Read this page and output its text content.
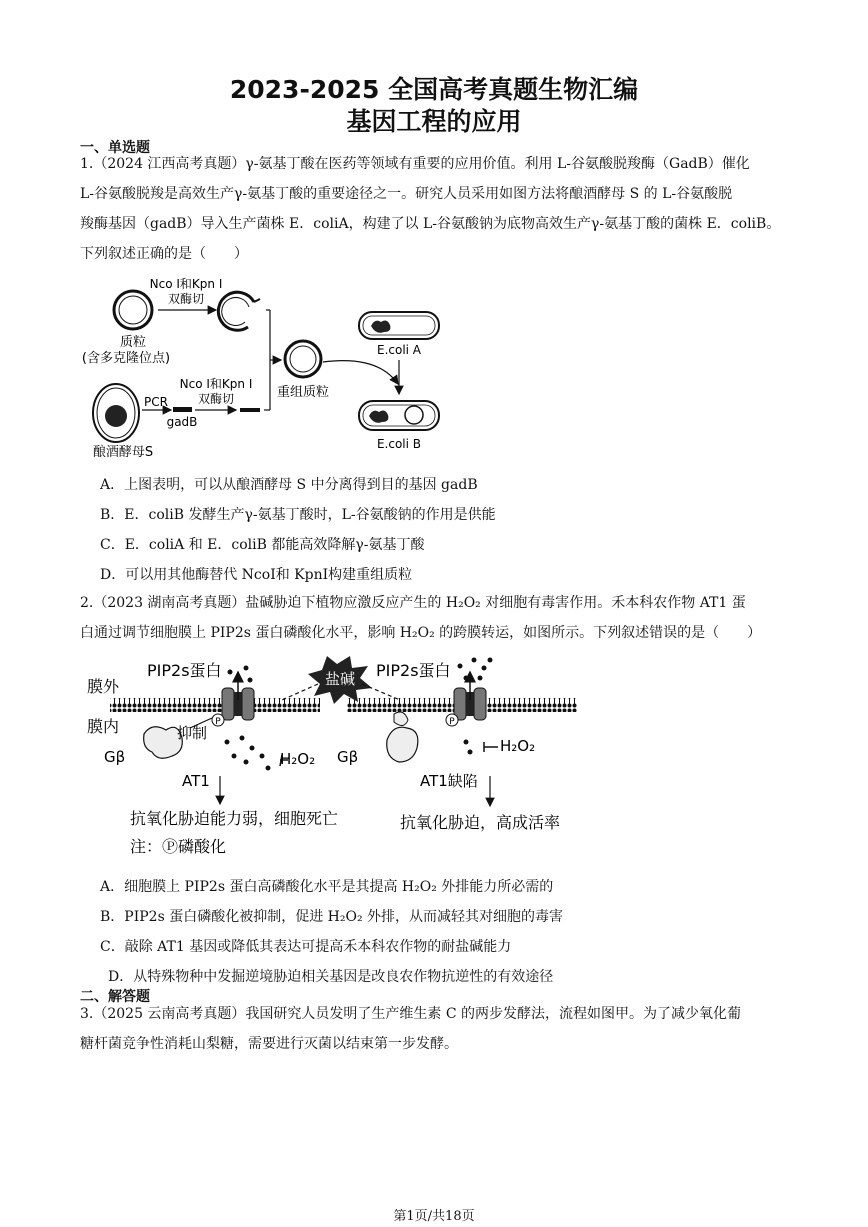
2023-2025 全国高考真题生物汇编
基因工程的应用
一、单选题
1.（2024 江西高考真题）γ-氨基丁酸在医药等领域有重要的应用价值。利用 L-谷氨酸脱羧酶（GadB）催化
L-谷氨酸脱羧是高效生产γ-氨基丁酸的重要途径之一。研究人员采用如图方法将酿酒酵母 S 的 L-谷氨酸脱
羧酶基因（gadB）导入生产菌株 E．coliA，构建了以 L-谷氨酸钠为底物高效生产γ-氨基丁酸的菌株 E．coliB。
下列叙述正确的是（　　）
Nco Ⅰ和Kpn Ⅰ
双酶切
质粒
(含多克隆位点)
酿酒酵母S
PCR
gadB
Nco Ⅰ和Kpn Ⅰ
双酶切	重组质粒
E.coli A
E.coli B
A．上图表明，可以从酿酒酵母 S 中分离得到目的基因 gadB
B．E．coliB 发酵生产γ-氨基丁酸时，L-谷氨酸钠的作用是供能
C．E．coliA 和 E．coliB 都能高效降解γ-氨基丁酸
D．可以用其他酶替代 NcoI和 KpnI构建重组质粒
2.（2023 湖南高考真题）盐碱胁迫下植物应激反应产生的 H₂O₂ 对细胞有毒害作用。禾本科农作物 AT1 蛋
白通过调节细胞膜上 PIP2s 蛋白磷酸化水平，影响 H₂O₂ 的跨膜转运，如图所示。下列叙述错误的是（　　）
膜外
膜内
PIP2s蛋白
P
H₂O₂
Gβ
抑制
AT1
抗氧化胁迫能力弱，细胞死亡
注：Ⓟ磷酸化
盐碱 PIP2s蛋白
P
H₂O₂
Gβ
AT1缺陷
抗氧化胁迫，高成活率
A．细胞膜上 PIP2s 蛋白高磷酸化水平是其提高 H₂O₂ 外排能力所必需的
B．PIP2s 蛋白磷酸化被抑制，促进 H₂O₂ 外排，从而减轻其对细胞的毒害
C．敲除 AT1 基因或降低其表达可提高禾本科农作物的耐盐碱能力
D．从特殊物种中发掘逆境胁迫相关基因是改良农作物抗逆性的有效途径
二、解答题
3.（2025 云南高考真题）我国研究人员发明了生产维生素 C 的两步发酵法，流程如图甲。为了减少氧化葡
糖杆菌竞争性消耗山梨糖，需要进行灭菌以结束第一步发酵。
第1页/共18页
